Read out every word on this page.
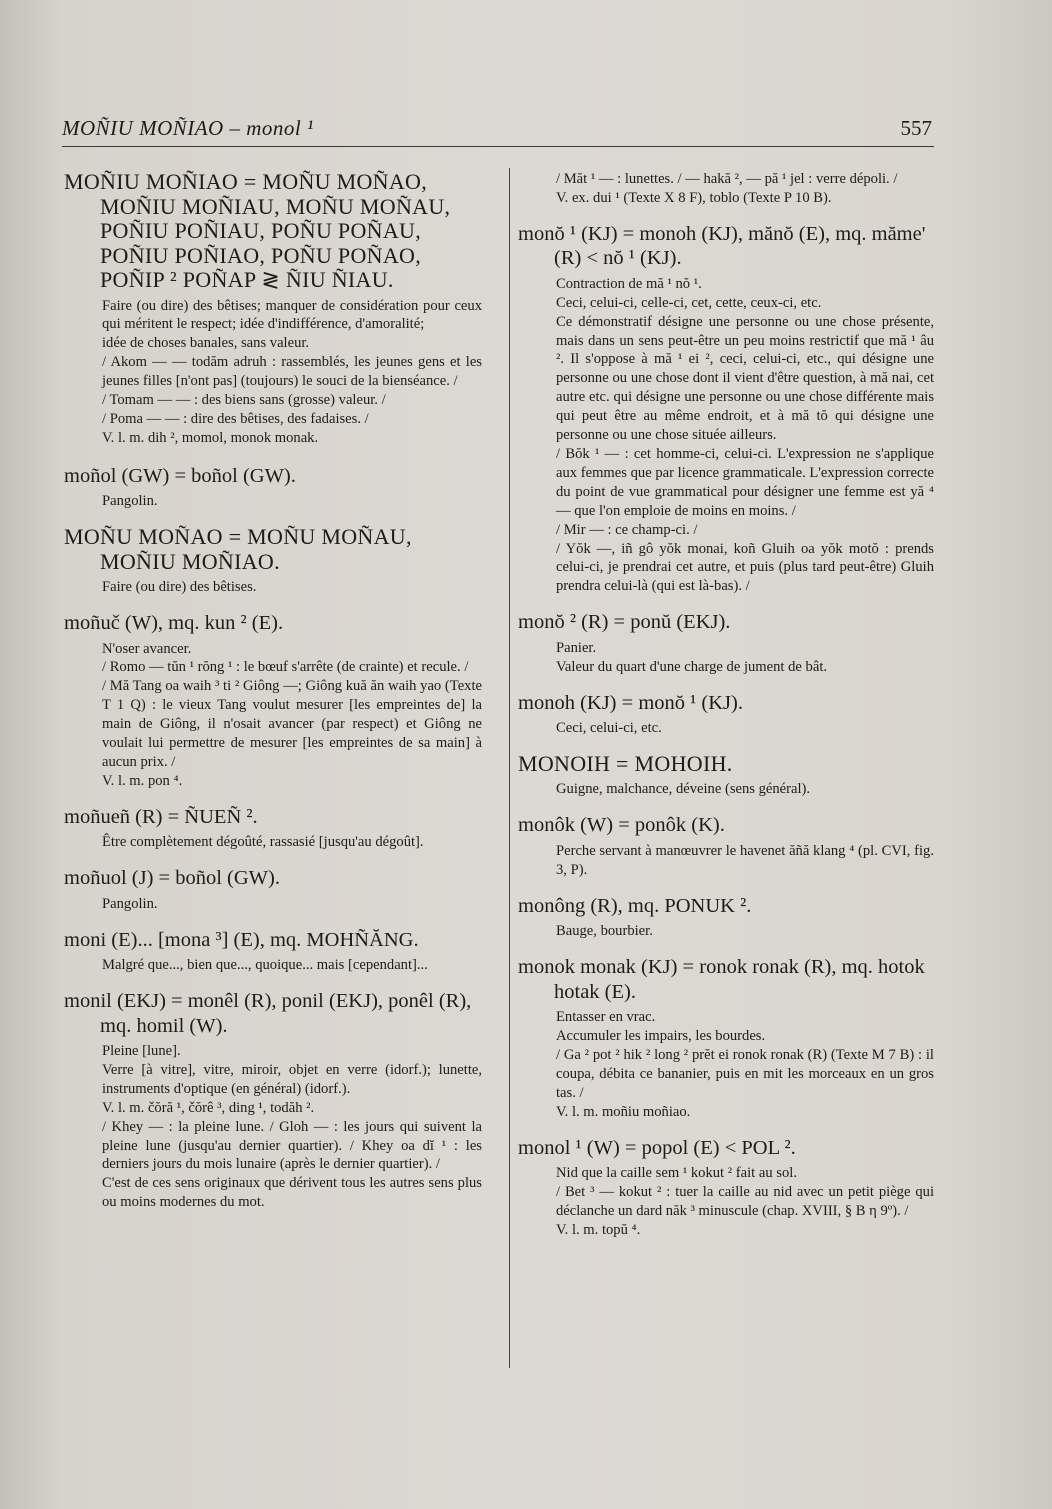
MOÑIU MOÑIAO – monol ¹	557
MOÑIU MOÑIAO = MOÑU MOÑAO, MOÑIU MOÑIAU, MOÑU MOÑAU, POÑIU POÑIAU, POÑU POÑAU, POÑIU POÑIAO, POÑU POÑAO, POÑIP ² POÑAP ≷ ÑIU ÑIAU.

Faire (ou dire) des bêtises; manquer de considération pour ceux qui méritent le respect; idée d'indifférence, d'amoralité;

idée de choses banales, sans valeur.

/ Akom — — todăm adruh : rassemblés, les jeunes gens et les jeunes filles [n'ont pas] (toujours) le souci de la bienséance. /

/ Tomam — — : des biens sans (grosse) valeur. /

/ Poma — — : dire des bêtises, des fadaises. /

V. l. m. dih ², momol, monok monak.

moñol (GW) = boñol (GW).

Pangolin.

MOÑU MOÑAO = MOÑU MOÑAU, MOÑIU MOÑIAO.

Faire (ou dire) des bêtises.

moñuč (W), mq. kun ² (E).

N'oser avancer.

/ Romo — tŭn ¹ rŏng ¹ : le bœuf s'arrête (de crainte) et recule. /

/ Mă Tang oa waih ³ ti ² Giông —; Giông kuă ăn waih yao (Texte T 1 Q) : le vieux Tang voulut mesurer [les empreintes de] la main de Giông, il n'osait avancer (par respect) et Giông ne voulait lui permettre de mesurer [les empreintes de sa main] à aucun prix. /

V. l. m. pon ⁴.

moñueñ (R) = ÑUEÑ ².

Être complètement dégoûté, rassasié [jusqu'au dégoût].

moñuol (J) = boñol (GW).

Pangolin.

moni (E)... [mona ³] (E), mq. MOHÑĂNG.

Malgré que..., bien que..., quoique... mais [cependant]...

monil (EKJ) = monêl (R), ponil (EKJ), ponêl (R), mq. homil (W).

Pleine [lune].

Verre [à vitre], vitre, miroir, objet en verre (idorf.); lunette, instruments d'optique (en général) (idorf.).

V. l. m. čŏră ¹, čŏrê ³, ding ¹, todăh ².

/ Khey — : la pleine lune. / Gloh — : les jours qui suivent la pleine lune (jusqu'au dernier quartier). / Khey oa dĭ ¹ : les derniers jours du mois lunaire (après le dernier quartier). /

C'est de ces sens originaux que dérivent tous les autres sens plus ou moins modernes du mot.

/ Măt ¹ — : lunettes. / — hakă ², — pă ¹ jel : verre dépoli. /

V. ex. dui ¹ (Texte X 8 F), toblo (Texte P 10 B).

monŏ ¹ (KJ) = monoh (KJ), mănŏ (E), mq. măme' (R) < nŏ ¹ (KJ).

Contraction de mă ¹ nŏ ¹.

Ceci, celui-ci, celle-ci, cet, cette, ceux-ci, etc.

Ce démonstratif désigne une personne ou une chose présente, mais dans un sens peut-être un peu moins restrictif que mă ¹ âu ². Il s'oppose à mă ¹ ei ², ceci, celui-ci, etc., qui désigne une personne ou une chose dont il vient d'être question, à mă nai, cet autre etc. qui désigne une personne ou une chose différente mais qui peut être au même endroit, et à mă tŏ qui désigne une personne ou une chose située ailleurs.

/ Bŏk ¹ — : cet homme-ci, celui-ci. L'expression ne s'applique aux femmes que par licence grammaticale. L'expression correcte du point de vue grammatical pour désigner une femme est yă ⁴ — que l'on emploie de moins en moins. /

/ Mir — : ce champ-ci. /

/ Yŏk —, iñ gô yŏk monai, koñ Gluih oa yŏk motŏ : prends celui-ci, je prendrai cet autre, et puis (plus tard peut-être) Gluih prendra celui-là (qui est là-bas). /

monŏ ² (R) = ponŭ (EKJ).

Panier.

Valeur du quart d'une charge de jument de bât.

monoh (KJ) = monŏ ¹ (KJ).

Ceci, celui-ci, etc.

MONOIH = MOHOIH.

Guigne, malchance, déveine (sens général).

monôk (W) = ponôk (K).

Perche servant à manœuvrer le havenet ăñă klang ⁴ (pl. CVI, fig. 3, P).

monông (R), mq. PONUK ².

Bauge, bourbier.

monok monak (KJ) = ronok ronak (R), mq. hotok hotak (E).

Entasser en vrac.

Accumuler les impairs, les bourdes.

/ Ga ² pot ² hik ² long ² prĕt ei ronok ronak (R) (Texte M 7 B) : il coupa, débita ce bananier, puis en mit les morceaux en un gros tas. /

V. l. m. moñiu moñiao.

monol ¹ (W) = popol (E) < POL ².

Nid que la caille sem ¹ kokut ² fait au sol.

/ Bet ³ — kokut ² : tuer la caille au nid avec un petit piège qui déclanche un dard năk ³ minuscule (chap. XVIII, § B η 9º). /

V. l. m. topŭ ⁴.
